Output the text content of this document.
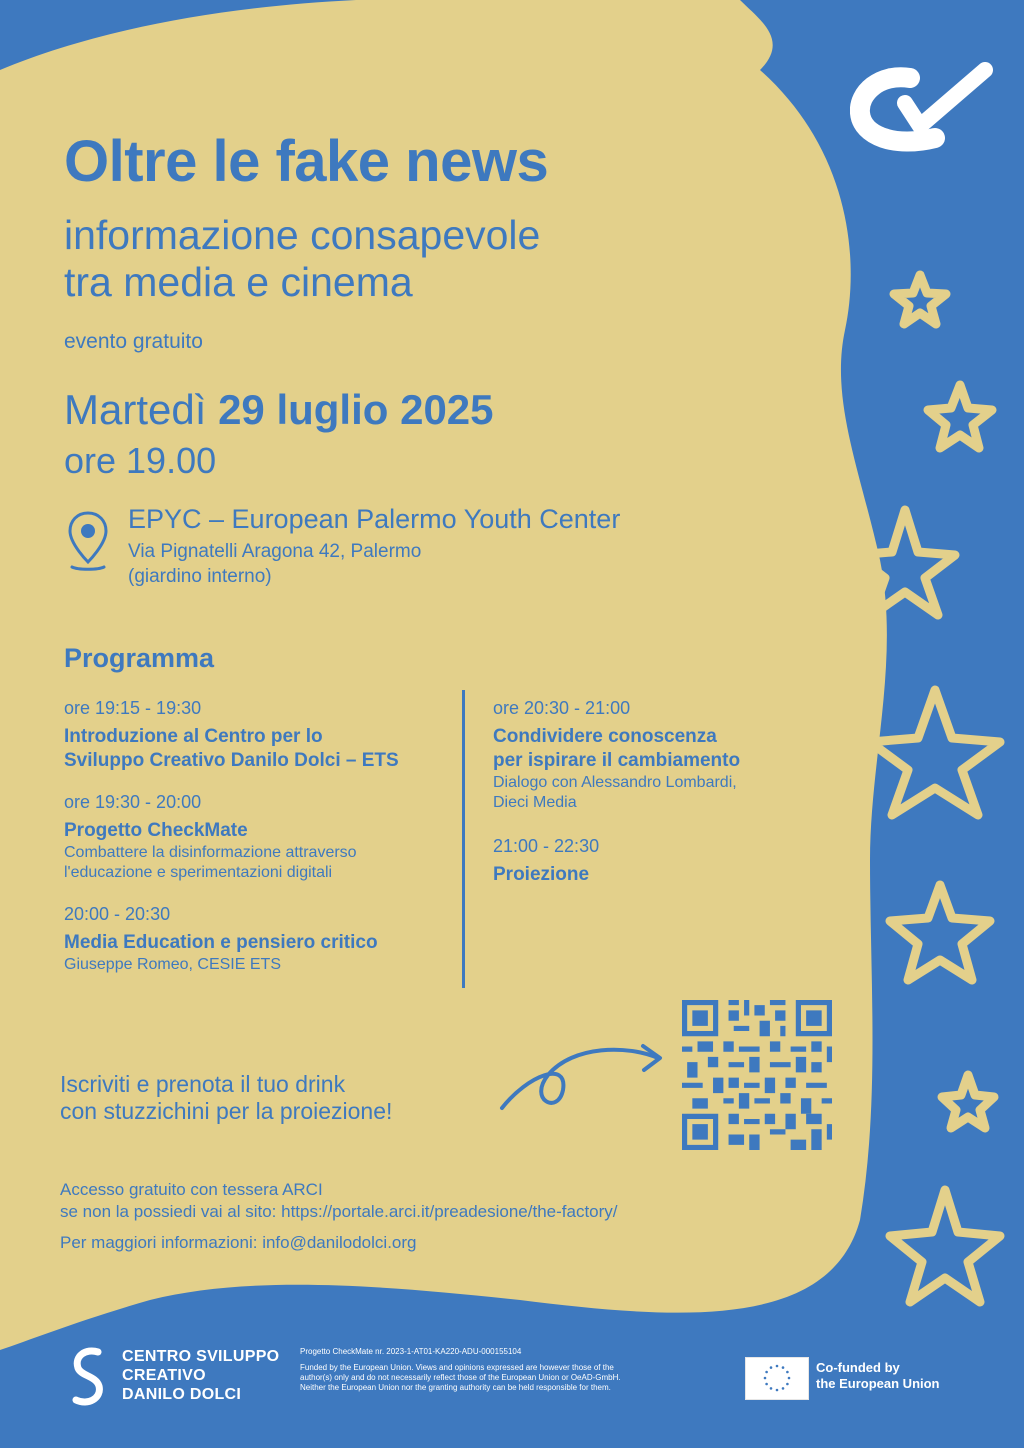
Oltre le fake news
informazione consapevole
tra media e cinema
evento gratuito
Martedì 29 luglio 2025
ore 19.00
EPYC – European Palermo Youth Center
Via Pignatelli Aragona 42, Palermo
(giardino interno)
Programma
ore 19:15 - 19:30
Introduzione al Centro per lo
Sviluppo Creativo Danilo Dolci – ETS
ore 19:30 - 20:00
Progetto CheckMate
Combattere la disinformazione attraverso
l'educazione e sperimentazioni digitali
20:00 - 20:30
Media Education e pensiero critico
Giuseppe Romeo, CESIE ETS
ore 20:30 - 21:00
Condividere conoscenza
per ispirare il cambiamento
Dialogo con Alessandro Lombardi,
Dieci Media
21:00 - 22:30
Proiezione
Iscriviti e prenota il tuo drink
con stuzzichini per la proiezione!
Accesso gratuito con tessera ARCI
se non la possiedi vai al sito: https://portale.arci.it/preadesione/the-factory/
Per maggiori informazioni: info@danilodolci.org
CENTRO SVILUPPO
CREATIVO
DANILO DOLCI
Progetto CheckMate nr. 2023-1-AT01-KA220-ADU-000155104
Funded by the European Union. Views and opinions expressed are however those of the
author(s) only and do not necessarily reflect those of the European Union or OeAD-GmbH.
Neither the European Union nor the granting authority can be held responsible for them.
Co-funded by
the European Union
